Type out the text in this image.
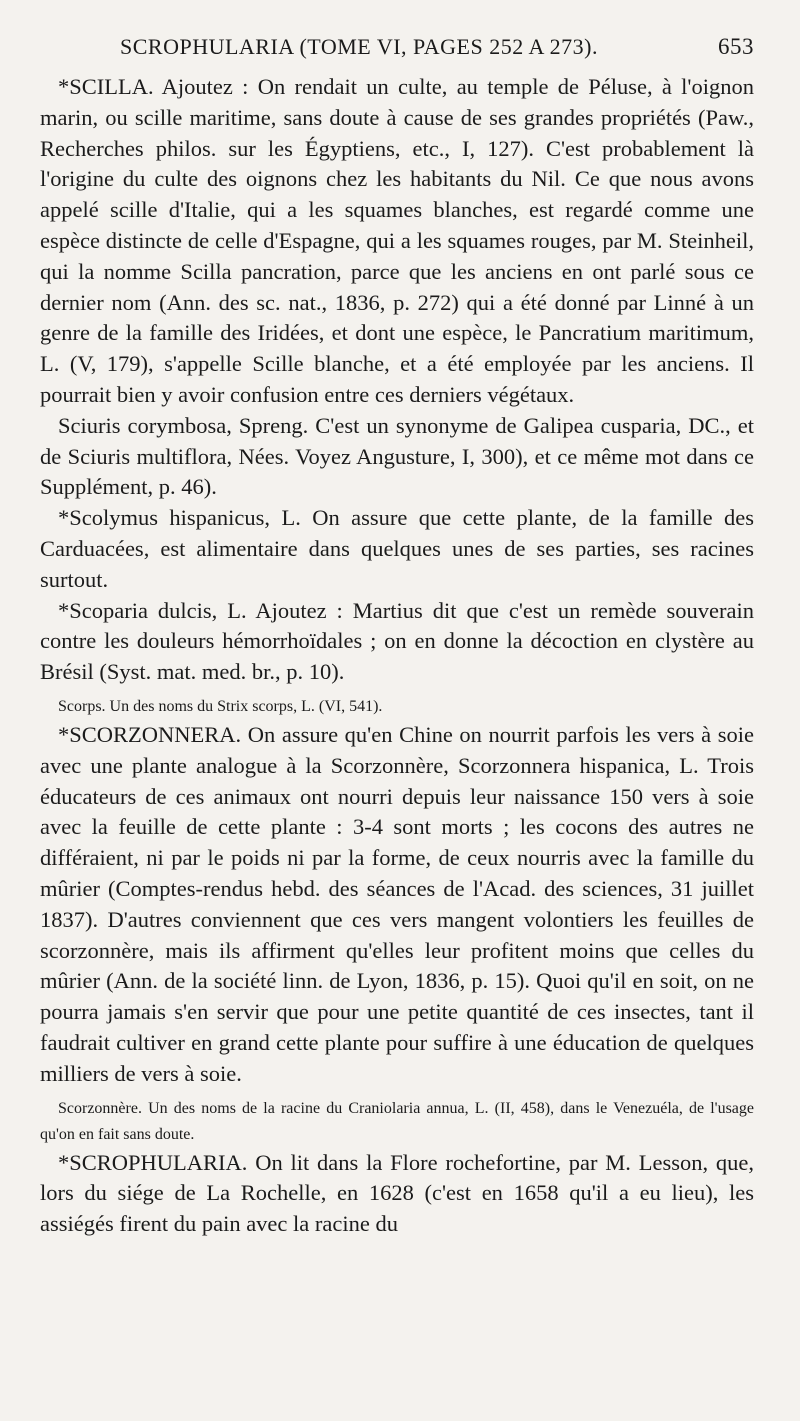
SCROPHULARIA (TOME VI, PAGES 252 A 273).	653

*SCILLA. Ajoutez : On rendait un culte, au temple de Péluse, à l'oignon marin, ou scille maritime, sans doute à cause de ses grandes propriétés (Paw., Recherches philos. sur les Égyptiens, etc., I, 127). C'est probablement là l'origine du culte des oignons chez les habitants du Nil. Ce que nous avons appelé scille d'Italie, qui a les squames blanches, est regardé comme une espèce distincte de celle d'Espagne, qui a les squames rouges, par M. Steinheil, qui la nomme Scilla pancration, parce que les anciens en ont parlé sous ce dernier nom (Ann. des sc. nat., 1836, p. 272) qui a été donné par Linné à un genre de la famille des Iridées, et dont une espèce, le Pancratium maritimum, L. (V, 179), s'appelle Scille blanche, et a été employée par les anciens. Il pourrait bien y avoir confusion entre ces derniers végétaux.

Sciuris corymbosa, Spreng. C'est un synonyme de Galipea cusparia, DC., et de Sciuris multiflora, Nées. Voyez Angusture, I, 300), et ce même mot dans ce Supplément, p. 46).

*Scolymus hispanicus, L. On assure que cette plante, de la famille des Carduacées, est alimentaire dans quelques unes de ses parties, ses racines surtout.

*Scoparia dulcis, L. Ajoutez : Martius dit que c'est un remède souverain contre les douleurs hémorrhoïdales ; on en donne la décoction en clystère au Brésil (Syst. mat. med. br., p. 10).

Scorps. Un des noms du Strix scorps, L. (VI, 541).

*SCORZONNERA. On assure qu'en Chine on nourrit parfois les vers à soie avec une plante analogue à la Scorzonnère, Scorzonnera hispanica, L. Trois éducateurs de ces animaux ont nourri depuis leur naissance 150 vers à soie avec la feuille de cette plante : 3-4 sont morts ; les cocons des autres ne différaient, ni par le poids ni par la forme, de ceux nourris avec la famille du mûrier (Comptes-rendus hebd. des séances de l'Acad. des sciences, 31 juillet 1837). D'autres conviennent que ces vers mangent volontiers les feuilles de scorzonnère, mais ils affirment qu'elles leur profitent moins que celles du mûrier (Ann. de la société linn. de Lyon, 1836, p. 15). Quoi qu'il en soit, on ne pourra jamais s'en servir que pour une petite quantité de ces insectes, tant il faudrait cultiver en grand cette plante pour suffire à une éducation de quelques milliers de vers à soie.

Scorzonnère. Un des noms de la racine du Craniolaria annua, L. (II, 458), dans le Venezuéla, de l'usage qu'on en fait sans doute.

*SCROPHULARIA. On lit dans la Flore rochefortine, par M. Lesson, que, lors du siége de La Rochelle, en 1628 (c'est en 1658 qu'il a eu lieu), les assiégés firent du pain avec la racine du
